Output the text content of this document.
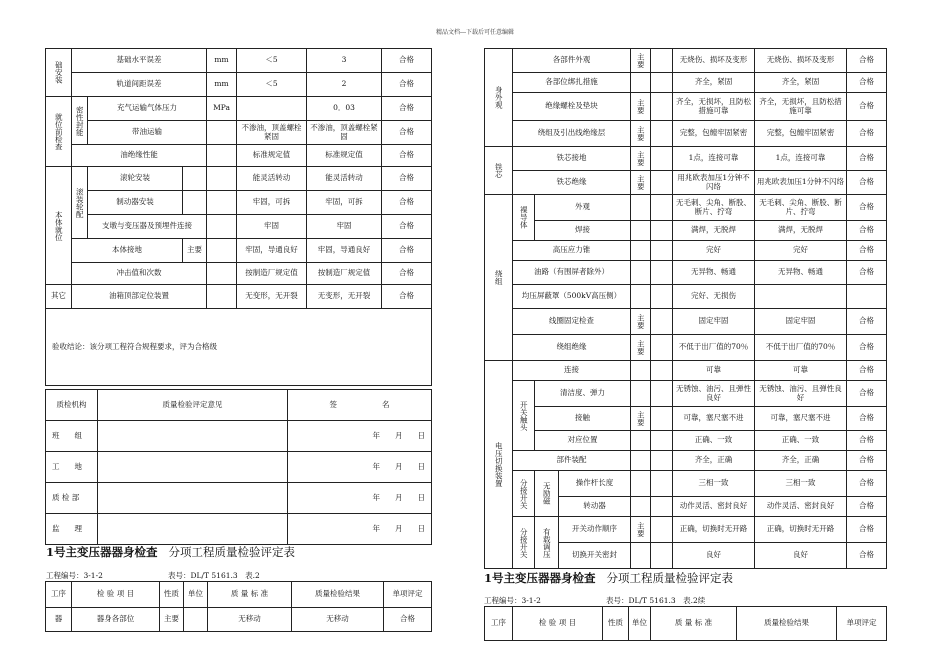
精品文档---下载后可任意编辑
础安装	基础水平误差			mm	＜5	3	合格
	轨道间距误差			mm	＜5	2	合格
就位前检查	密性封能	充气运输气体压力		MPa		0．03	合格
		带油运输			不渗油，顶盖螺栓紧固	不渗油，顶盖螺栓紧固	合格
	油绝缘性能				标准规定值	标准规定值	合格
本体就位	滚装轮配	滚轮安装			能灵活转动	能灵活转动	合格
		制动器安装			牢固，可拆	牢固，可拆	合格
		支墩与变压器及预埋件连接			牢固	牢固	合格
	本体接地		主要		牢固，导通良好	牢固，导通良好	合格
	冲击值和次数				按制造厂规定值	按制造厂规定值	合格
其它	油箱顶部定位装置				无变形，无开裂	无变形，无开裂	合格
验收结论：该分项工程符合规程要求，评为合格级							
质检机构	质量检验评定意见	签　　　　　　名
班　　组		年　　月　　日
工　　地		年　　月　　日
质 检 部		年　　月　　日
监　　理		年　　月　　日
1号主变压器器身检查 分项工程质量检验评定表
工程编号：3-1-2	表号：DL/T 5161.3　表.2
工序	检 验 项 目	性质	单位	质 量 标 准	质量检验结果	单项评定
器	器身各部位	主要		无移动	无移动	合格
身外观	各部件外观			主要		无烧伤、损坏及变形	无烧伤、损坏及变形	合格
	各部位绑扎措施					齐全，紧固	齐全，紧固	合格
	绝缘螺栓及垫块			主要		齐全，无损坏，且防松措施可靠	齐全，无损坏，且防松措施可靠	合格
	绕组及引出线绝缘层			主要		完整，包缠牢固紧密	完整，包缠牢固紧密	合格
铁芯	铁芯接地			主要		1点，连接可靠	1点，连接可靠	合格
	铁芯绝缘			主要		用兆欧表加压1分钟不闪络	用兆欧表加压1分钟不闪络	合格
绕组	裸导体	外观				无毛刺、尖角、断股、断片、拧弯	无毛刺、尖角、断股、断片、拧弯	合格
		焊接				满焊，无脱焊	满焊，无脱焊	合格
	高压应力锥					完好	完好	合格
	油路（有围屏者除外）					无异物、畅通	无异物、畅通	合格
	均压屏蔽罩（500kV高压侧）					完好、无损伤		
	线圈固定检查			主要		固定牢固	固定牢固	合格
	绕组绝缘			主要		不低于出厂值的70％	不低于出厂值的70％	合格
电压切换装置	连接					可靠	可靠	合格
	开关触头	清洁度、弹力				无锈蚀、油污、且弹性良好	无锈蚀、油污、且弹性良好	合格
		接触		主要		可靠，塞尺塞不进	可靠，塞尺塞不进	合格
		对应位置				正确、一致	正确、一致	合格
	部件装配					齐全，正确	齐全，正确	合格
	分接开关	无励磁	操作杆长度			三相一致	三相一致	合格
			转动器			动作灵活、密封良好	动作灵活、密封良好	合格
	分接开关	有载调压	开关动作顺序	主要		正确，切换时无开路	正确，切换时无开路	合格
			切换开关密封			良好	良好	合格
1号主变压器器身检查 分项工程质量检验评定表
工程编号：3-1-2	表号：DL/T 5161.3　表.2续
工序	检 验 项 目	性质	单位	质 量 标 准	质量检验结果	单项评定
